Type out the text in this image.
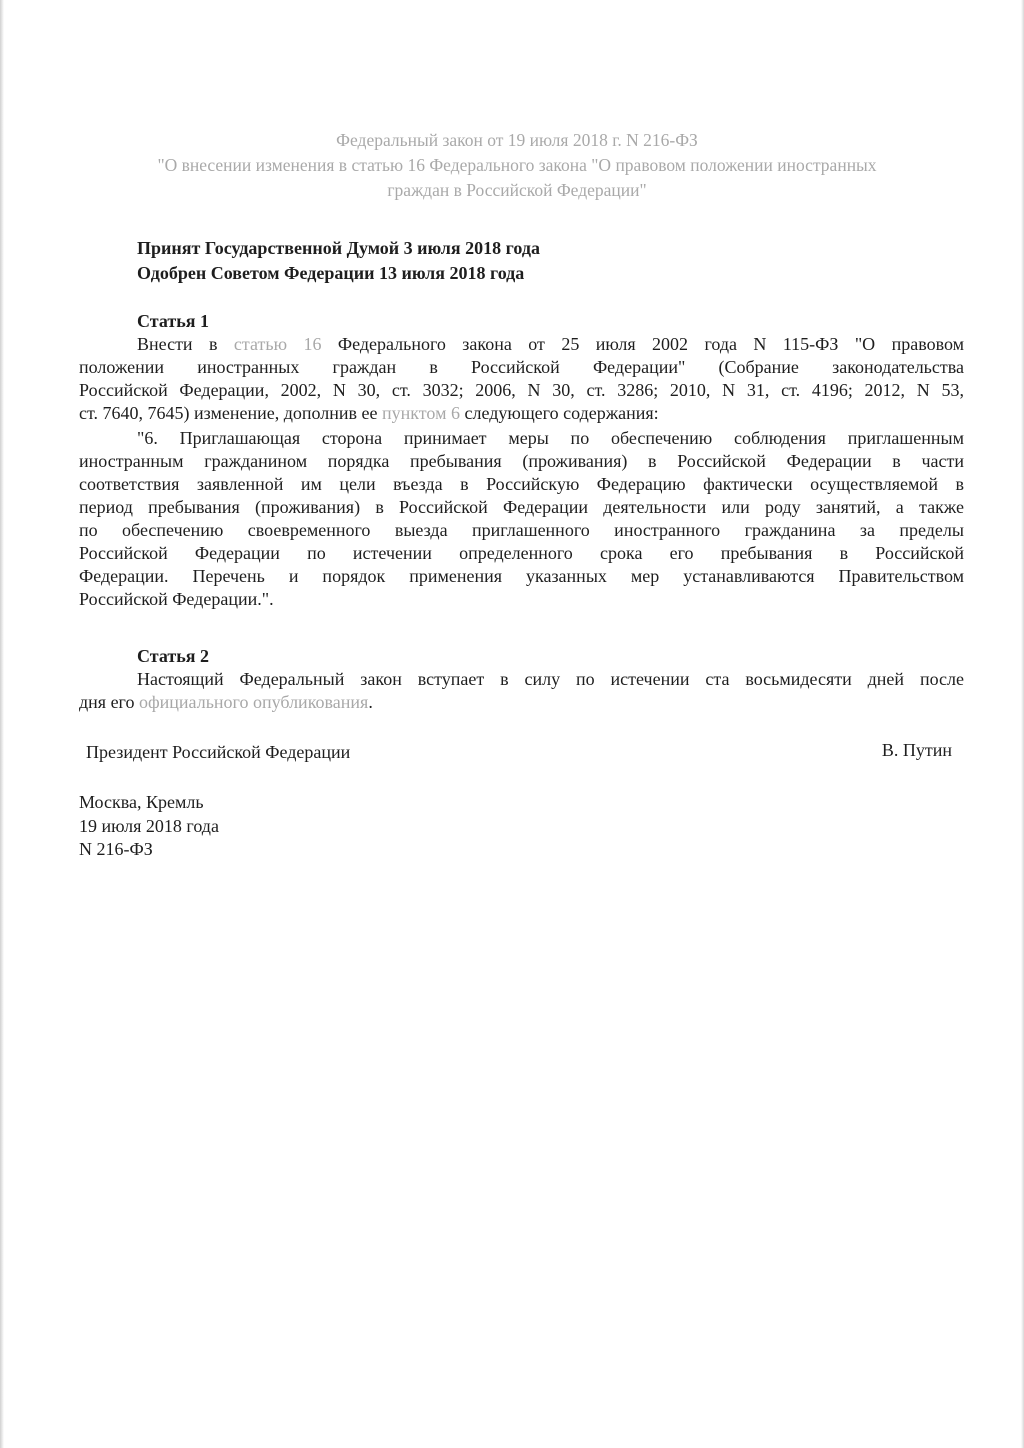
Федеральный закон от 19 июля 2018 г. N 216-ФЗ
"О внесении изменения в статью 16 Федерального закона "О правовом положении иностранных
граждан в Российской Федерации"
Принят Государственной Думой 3 июля 2018 года
Одобрен Советом Федерации 13 июля 2018 года
Статья 1
Внести в статью 16 Федерального закона от 25 июля 2002 года N 115-ФЗ "О правовом
положении иностранных граждан в Российской Федерации" (Собрание законодательства
Российской Федерации, 2002, N 30, ст. 3032; 2006, N 30, ст. 3286; 2010, N 31, ст. 4196; 2012, N 53,
ст. 7640, 7645) изменение, дополнив ее пунктом 6 следующего содержания:
"6. Приглашающая сторона принимает меры по обеспечению соблюдения приглашенным
иностранным гражданином порядка пребывания (проживания) в Российской Федерации в части
соответствия заявленной им цели въезда в Российскую Федерацию фактически осуществляемой в
период пребывания (проживания) в Российской Федерации деятельности или роду занятий, а также
по обеспечению своевременного выезда приглашенного иностранного гражданина за пределы
Российской Федерации по истечении определенного срока его пребывания в Российской
Федерации. Перечень и порядок применения указанных мер устанавливаются Правительством
Российской Федерации.".
Статья 2
Настоящий Федеральный закон вступает в силу по истечении ста восьмидесяти дней после
дня его официального опубликования.
Президент Российской Федерации	В. Путин
Москва, Кремль
19 июля 2018 года
N 216-ФЗ
